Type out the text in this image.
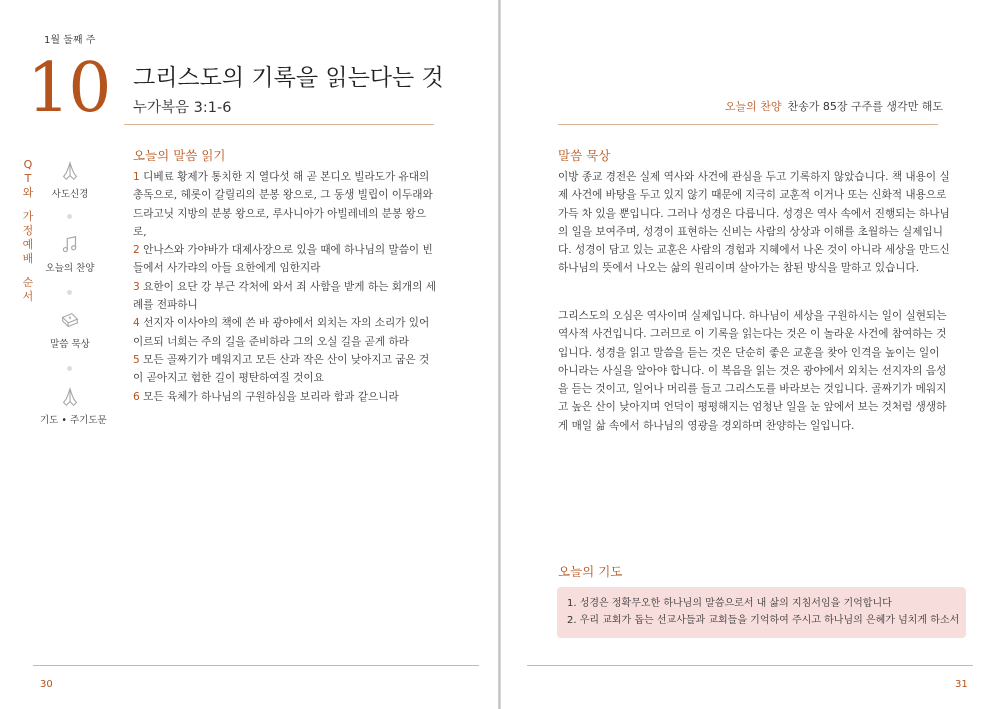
1월 둘째 주
10 그리스도의 기록을 읽는다는 것
누가복음 3:1-6
Q
T
와
가
정
예
배
순
서
사도신경
오늘의 찬양
말씀 묵상
기도 • 주기도문
오늘의 말씀 읽기
1 디베료 황제가 통치한 지 열다섯 해 곧 본디오 빌라도가 유대의 총독으로, 헤롯이 갈릴리의 분봉 왕으로, 그 동생 빌립이 이두래와 드라고닛 지방의 분봉 왕으로, 루사니아가 아빌레네의 분봉 왕으로,
2 안나스와 가야바가 대제사장으로 있을 때에 하나님의 말씀이 빈 들에서 사가랴의 아들 요한에게 임한지라
3 요한이 요단 강 부근 각처에 와서 죄 사함을 받게 하는 회개의 세례를 전파하니
4 선지자 이사야의 책에 쓴 바 광야에서 외치는 자의 소리가 있어 이르되 너희는 주의 길을 준비하라 그의 오실 길을 곧게 하라
5 모든 골짜기가 메워지고 모든 산과 작은 산이 낮아지고 굽은 것이 곧아지고 험한 길이 평탄하여질 것이요
6 모든 육체가 하나님의 구원하심을 보리라 함과 같으니라
30
오늘의 찬양 찬송가 85장 구주를 생각만 해도
말씀 묵상
이방 종교 경전은 실제 역사와 사건에 관심을 두고 기록하지 않았습니다. 책 내용이 실제 사건에 바탕을 두고 있지 않기 때문에 지극히 교훈적 이거나 또는 신화적 내용으로 가득 차 있을 뿐입니다. 그러나 성경은 다릅니다. 성경은 역사 속에서 진행되는 하나님의 일을 보여주며, 성경이 표현하는 신비는 사람의 상상과 이해를 초월하는 실제입니다. 성경이 담고 있는 교훈은 사람의 경험과 지혜에서 나온 것이 아니라 세상을 만드신 하나님의 뜻에서 나오는 삶의 원리이며 살아가는 참된 방식을 말하고 있습니다.
그리스도의 오심은 역사이며 실제입니다. 하나님이 세상을 구원하시는 일이 실현되는 역사적 사건입니다. 그러므로 이 기록을 읽는다는 것은 이 놀라운 사건에 참여하는 것입니다. 성경을 읽고 말씀을 듣는 것은 단순히 좋은 교훈을 찾아 인격을 높이는 일이 아니라는 사실을 알아야 합니다. 이 복음을 읽는 것은 광야에서 외치는 선지자의 음성을 듣는 것이고, 일어나 머리를 들고 그리스도를 바라보는 것입니다. 골짜기가 메워지고 높은 산이 낮아지며 언덕이 평평해지는 엄청난 일을 눈 앞에서 보는 것처럼 생생하게 매일 삶 속에서 하나님의 영광을 경외하며 찬양하는 일입니다.
오늘의 기도
1. 성경은 정확무오한 하나님의 말씀으로서 내 삶의 지침서임을 기억합니다
2. 우리 교회가 돕는 선교사들과 교회들을 기억하여 주시고 하나님의 은혜가 넘치게 하소서
31
